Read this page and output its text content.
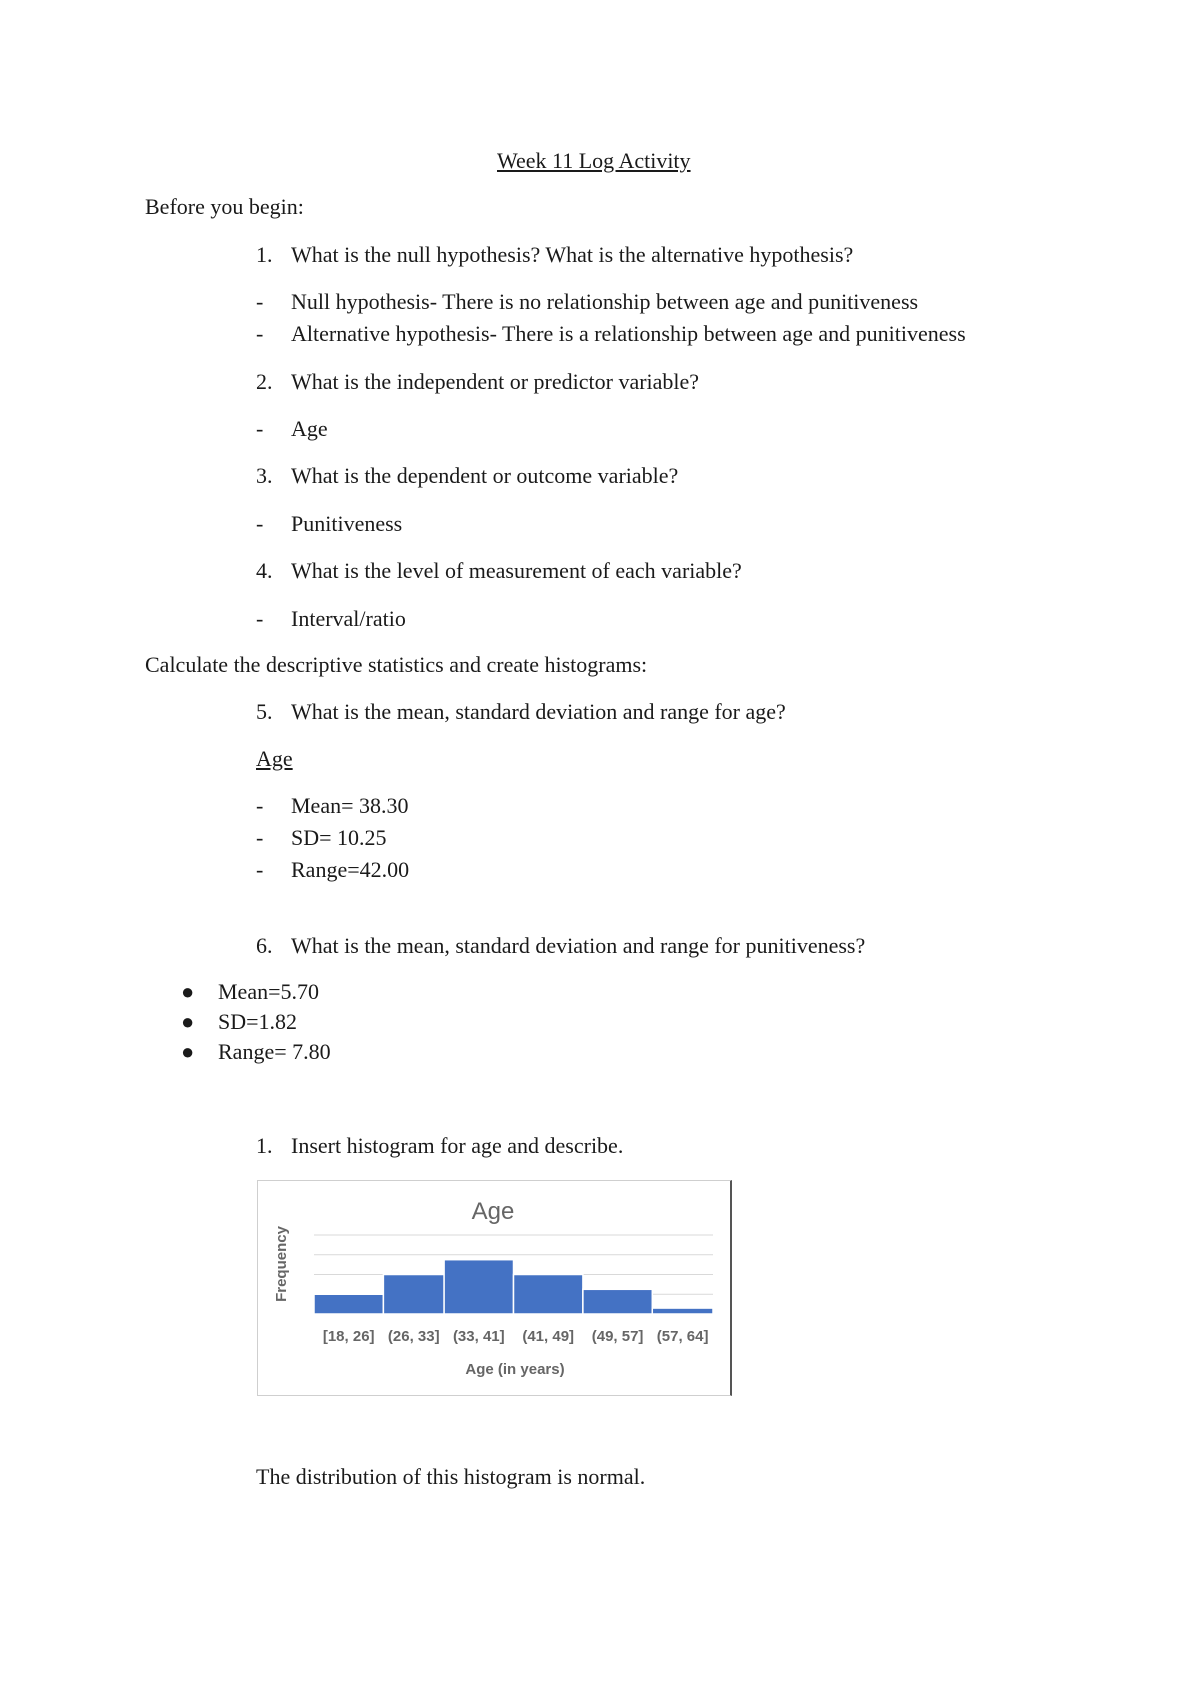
Week 11 Log Activity
Before you begin:
1. What is the null hypothesis? What is the alternative hypothesis?
- Null hypothesis- There is no relationship between age and punitiveness
- Alternative hypothesis- There is a relationship between age and punitiveness
2. What is the independent or predictor variable?
- Age
3. What is the dependent or outcome variable?
- Punitiveness
4. What is the level of measurement of each variable?
- Interval/ratio
Calculate the descriptive statistics and create histograms:
5. What is the mean, standard deviation and range for age?
Age
- Mean= 38.30
- SD= 10.25
- Range=42.00
6. What is the mean, standard deviation and range for punitiveness?
● Mean=5.70
● SD=1.82
● Range= 7.80
1. Insert histogram for age and describe.
Age
Frequency
Age (in years)
[18, 26] (26, 33] (33, 41] (41, 49] (49, 57] (57, 64]
The distribution of this histogram is normal.
